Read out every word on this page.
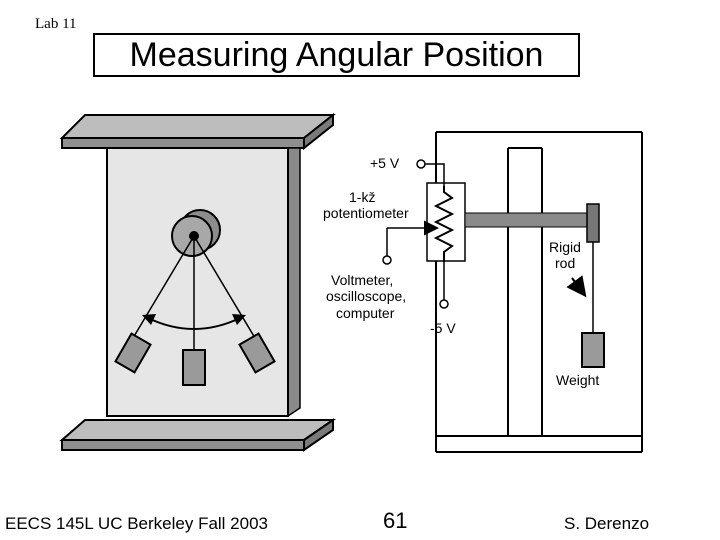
Lab 11
Measuring Angular Position
+5 V
1-kž
potentiometer
Voltmeter,
oscilloscope,
computer
-5 V
Rigid
rod
Weight
EECS 145L UC Berkeley Fall 2003	61	S. Derenzo
